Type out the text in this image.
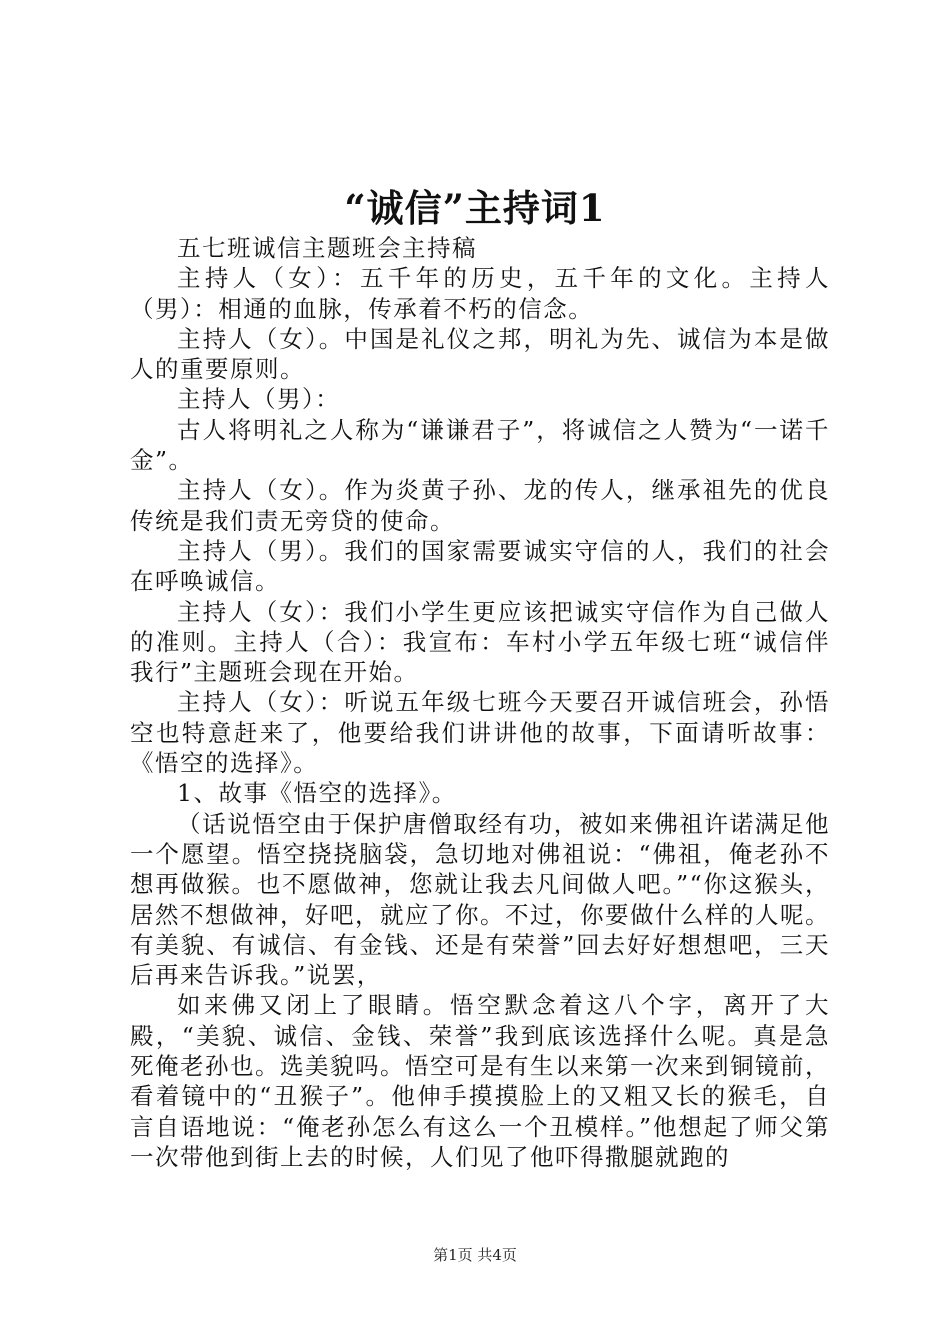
“诚信”主持词1

五七班诚信主题班会主持稿

主持人（女）：五千年的历史，五千年的文化。主持人（男）：相通的血脉，传承着不朽的信念。

主持人（女）。中国是礼仪之邦，明礼为先、诚信为本是做人的重要原则。

主持人（男）：

古人将明礼之人称为“谦谦君子”，将诚信之人赞为“一诺千金”。

主持人（女）。作为炎黄子孙、龙的传人，继承祖先的优良传统是我们责无旁贷的使命。

主持人（男）。我们的国家需要诚实守信的人，我们的社会在呼唤诚信。

主持人（女）：我们小学生更应该把诚实守信作为自己做人的准则。主持人（合）：我宣布：车村小学五年级七班“诚信伴我行”主题班会现在开始。

主持人（女）：听说五年级七班今天要召开诚信班会，孙悟空也特意赶来了，他要给我们讲讲他的故事，下面请听故事：《悟空的选择》。

1、故事《悟空的选择》。

（话说悟空由于保护唐僧取经有功，被如来佛祖许诺满足他一个愿望。悟空挠挠脑袋，急切地对佛祖说：“佛祖，俺老孙不想再做猴。也不愿做神，您就让我去凡间做人吧。”“你这猴头，居然不想做神，好吧，就应了你。不过，你要做什么样的人呢。有美貌、有诚信、有金钱、还是有荣誉”回去好好想想吧，三天后再来告诉我。”说罢，

如来佛又闭上了眼睛。悟空默念着这八个字，离开了大殿，“美貌、诚信、金钱、荣誉”我到底该选择什么呢。真是急死俺老孙也。选美貌吗。悟空可是有生以来第一次来到铜镜前，看着镜中的“丑猴子”。他伸手摸摸脸上的又粗又长的猴毛，自言自语地说：“俺老孙怎么有这么一个丑模样。”他想起了师父第一次带他到街上去的时候，人们见了他吓得撒腿就跑的

第1页 共4页
